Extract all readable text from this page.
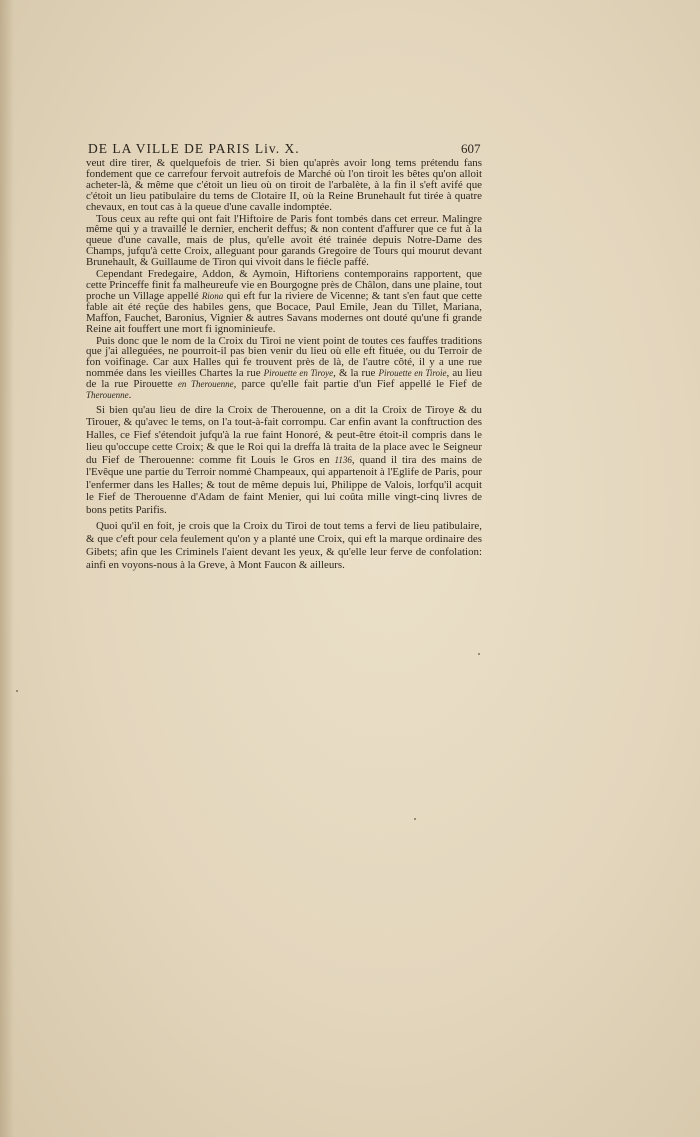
DE LA VILLE DE PARIS Liv. X.	607

veut dire tirer, & quelquefois de trier. Si bien qu'après avoir long tems prétendu fans fondement que ce carrefour fervoit autrefois de Marché où l'on tiroit les bêtes qu'on alloit acheter-là, & même que c'étoit un lieu où on tiroit de l'arbalète, à la fin il s'eft avifé que c'étoit un lieu patibulaire du tems de Clotaire II, où la Reine Brunehault fut tirée à quatre chevaux, en tout cas à la queue d'une cavalle indomptée.

Tous ceux au refte qui ont fait l'Hiftoire de Paris font tombés dans cet erreur. Malingre même qui y a travaillé le dernier, encherit deffus; & non content d'affurer que ce fut à la queue d'une cavalle, mais de plus, qu'elle avoit été trainée depuis Notre-Dame des Champs, jufqu'à cette Croix, alleguant pour garands Gregoire de Tours qui mourut devant Brunehault, & Guillaume de Tiron qui vivoit dans le fiécle paffé.

Cependant Fredegaire, Addon, & Aymoin, Hiftoriens contemporains rapportent, que cette Princeffe finit fa malheureufe vie en Bourgogne près de Châlon, dans une plaine, tout proche un Village appellé Riona qui eft fur la riviere de Vicenne; & tant s'en faut que cette fable ait été reçûe des habiles gens, que Bocace, Paul Emile, Jean du Tillet, Mariana, Maffon, Fauchet, Baronius, Vignier & autres Savans modernes ont douté qu'une fi grande Reine ait fouffert une mort fi ignominieufe.

Puis donc que le nom de la Croix du Tiroi ne vient point de toutes ces fauffes traditions que j'ai alleguées, ne pourroit-il pas bien venir du lieu où elle eft fituée, ou du Terroir de fon voifinage. Car aux Halles qui fe trouvent près de là, de l'autre côté, il y a une rue nommée dans les vieilles Chartes la rue Pirouette en Tiroye, & la rue Pirouette en Tiroie, au lieu de la rue Pirouette en Therouenne, parce qu'elle fait partie d'un Fief appellé le Fief de Therouenne.

Si bien qu'au lieu de dire la Croix de Therouenne, on a dit la Croix de Tiroye & du Tirouer, & qu'avec le tems, on l'a tout-à-fait corrompu. Car enfin avant la conftruction des Halles, ce Fief s'étendoit jufqu'à la rue faint Honoré, & peut-être étoit-il compris dans le lieu qu'occupe cette Croix; & que le Roi qui la dreffa là traita de la place avec le Seigneur du Fief de Therouenne: comme fit Louis le Gros en 1136, quand il tira des mains de l'Evêque une partie du Terroir nommé Champeaux, qui appartenoit à l'Eglife de Paris, pour l'enfermer dans les Halles; & tout de même depuis lui, Philippe de Valois, lorfqu'il acquit le Fief de Therouenne d'Adam de faint Menier, qui lui coûta mille vingt-cinq livres de bons petits Parifis.

Quoi qu'il en foit, je crois que la Croix du Tiroi de tout tems a fervi de lieu patibulaire, & que c'eft pour cela feulement qu'on y a planté une Croix, qui eft la marque ordinaire des Gibets; afin que les Criminels l'aient devant les yeux, & qu'elle leur ferve de confolation: ainfi en voyons-nous à la Greve, à Mont Faucon & ailleurs.
